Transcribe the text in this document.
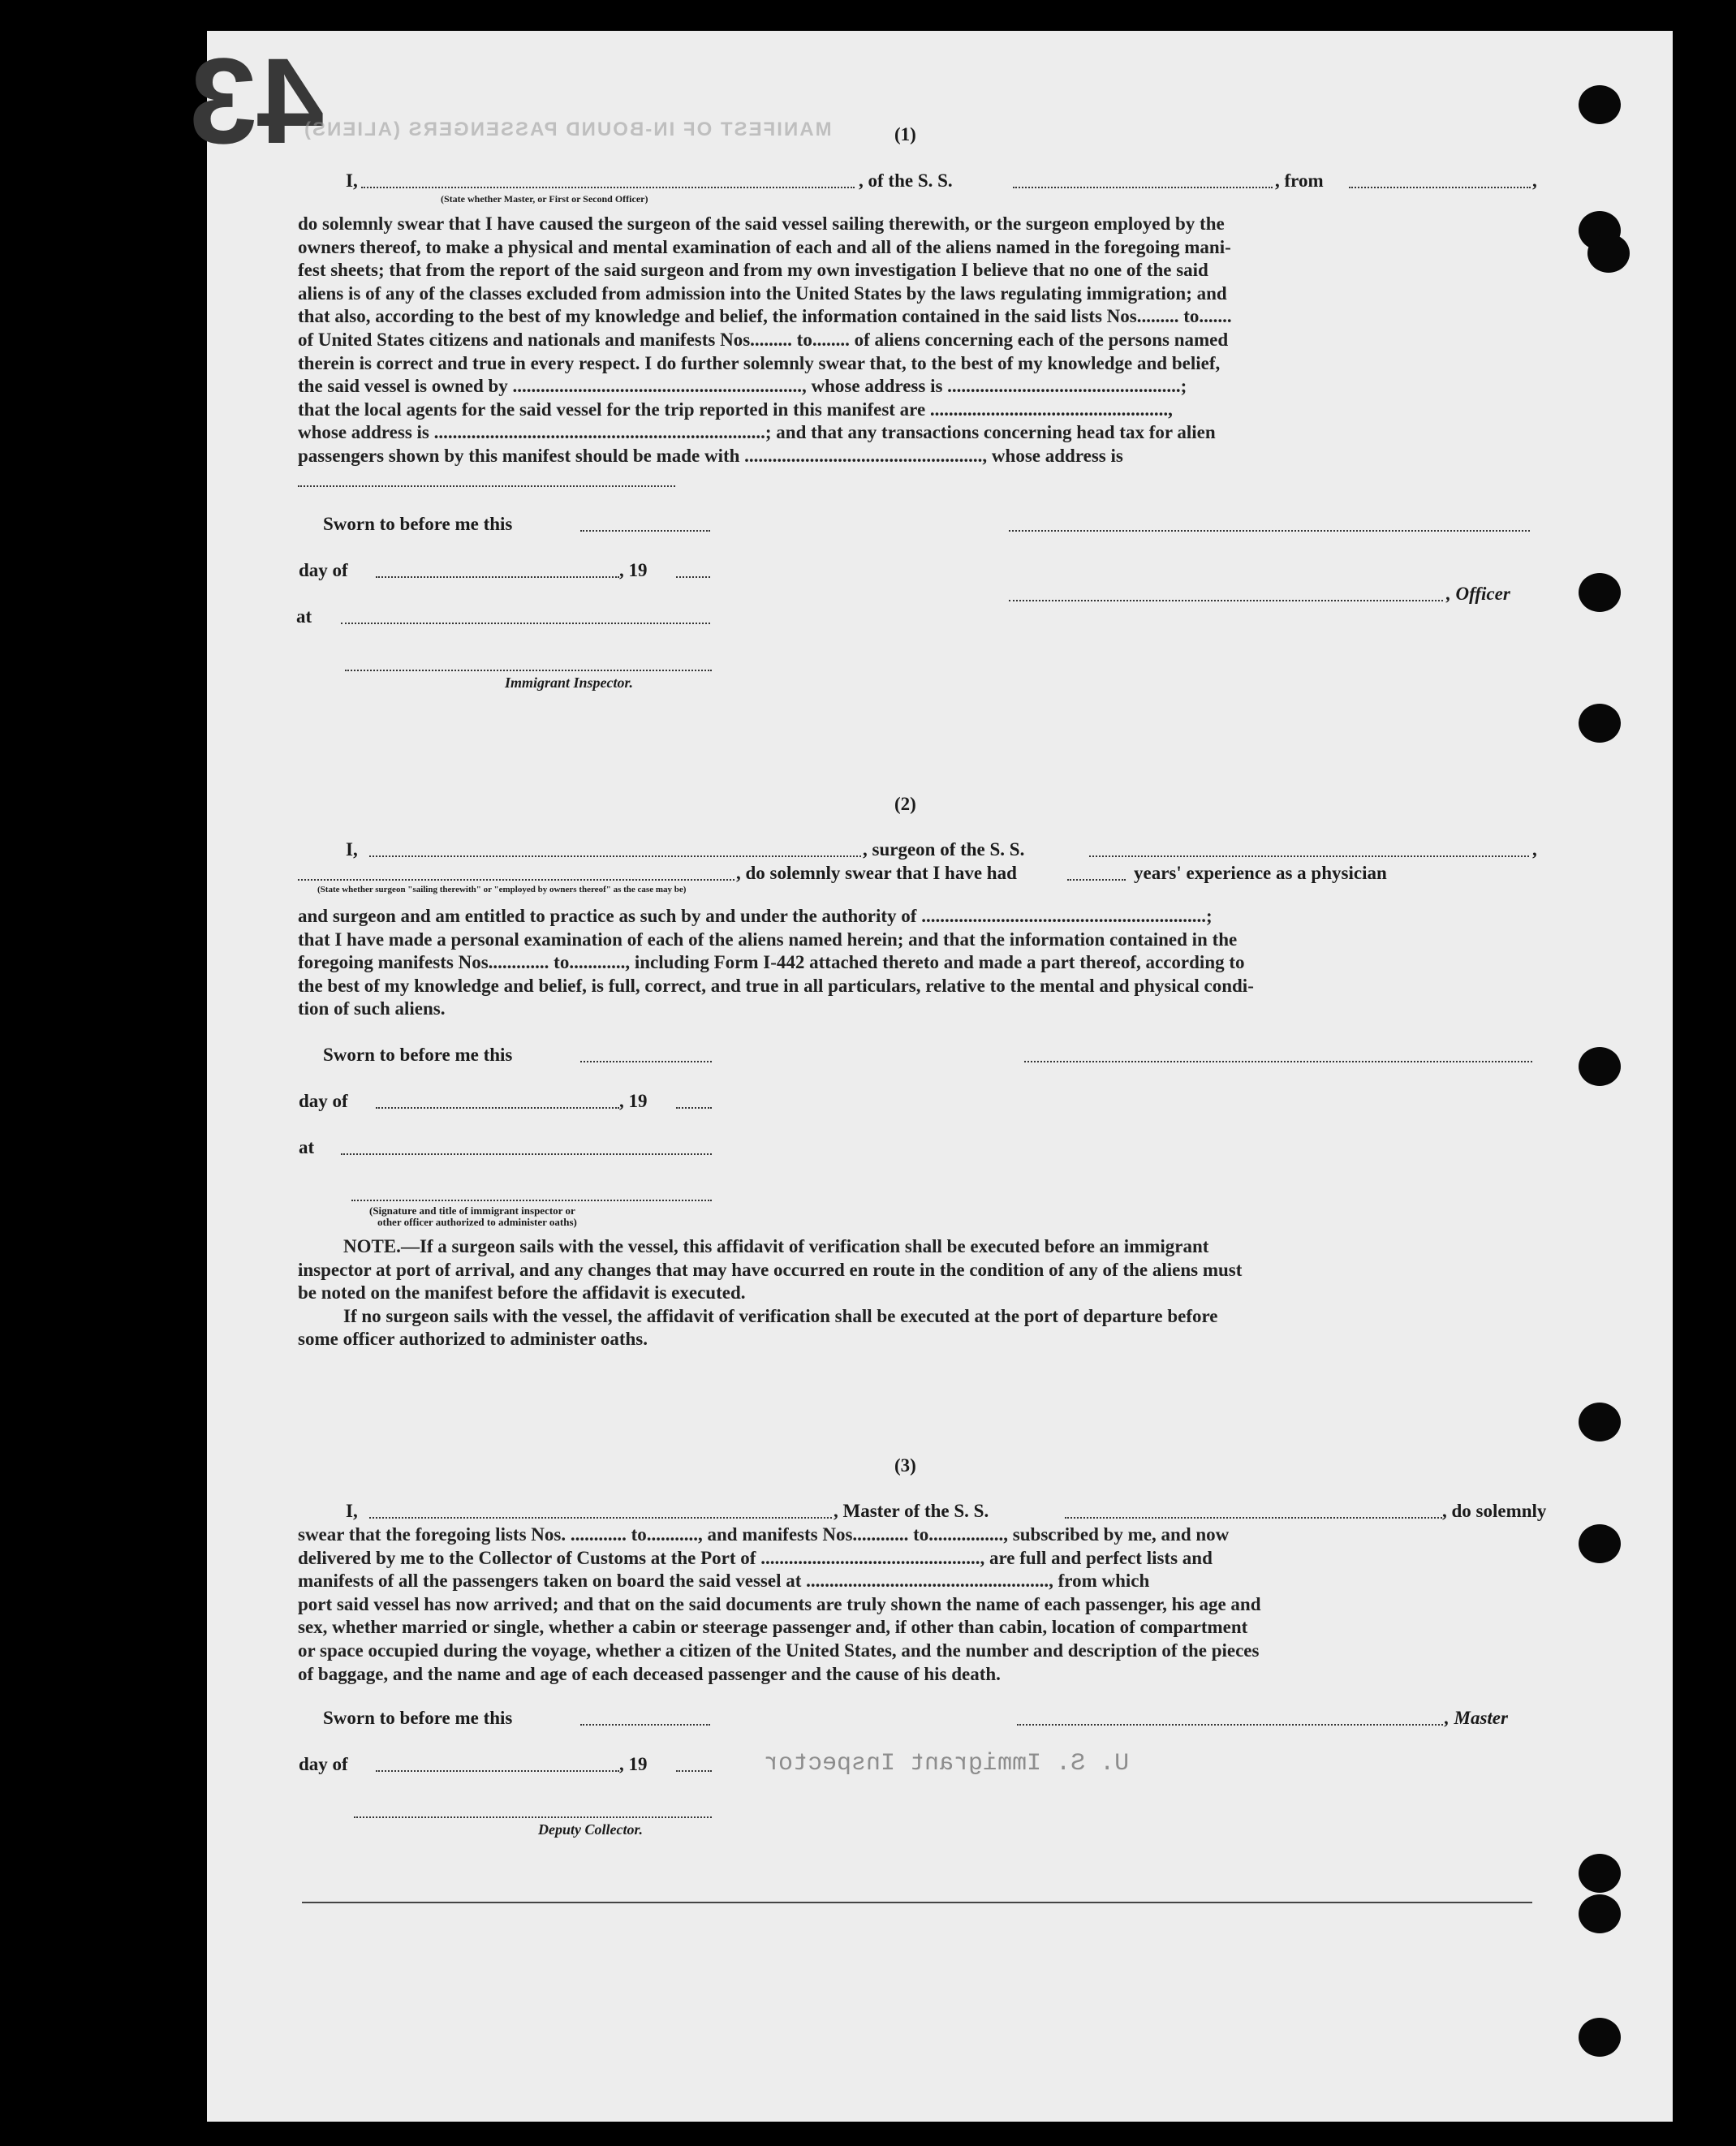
43
MANIFEST OF IN-BOUND PASSENGERS (ALIENS)	(1)
I,	, of the S. S.	, from	,
(State whether Master, or First or Second Officer)
do solemnly swear that I have caused the surgeon of the said vessel sailing therewith, or the surgeon employed by the
owners thereof, to make a physical and mental examination of each and all of the aliens named in the foregoing mani-
fest sheets; that from the report of the said surgeon and from my own investigation I believe that no one of the said
aliens is of any of the classes excluded from admission into the United States by the laws regulating immigration; and
that also, according to the best of my knowledge and belief, the information contained in the said lists Nos......... to.......
of United States citizens and nationals and manifests Nos......... to........ of aliens concerning each of the persons named
therein is correct and true in every respect. I do further solemnly swear that, to the best of my knowledge and belief,
the said vessel is owned by .............................................................., whose address is ..................................................;
that the local agents for the said vessel for the trip reported in this manifest are ...................................................,
whose address is .......................................................................; and that any transactions concerning head tax for alien
passengers shown by this manifest should be made with ..................................................., whose address is
Sworn to before me this
day of	, 19
, Officer
at
Immigrant Inspector.
(2)
I,	, surgeon of the S. S.	,
, do solemnly swear that I have had	years' experience as a physician
(State whether surgeon "sailing therewith" or "employed by owners thereof" as the case may be)
and surgeon and am entitled to practice as such by and under the authority of .............................................................;
that I have made a personal examination of each of the aliens named herein; and that the information contained in the
foregoing manifests Nos............. to............, including Form I-442 attached thereto and made a part thereof, according to
the best of my knowledge and belief, is full, correct, and true in all particulars, relative to the mental and physical condi-
tion of such aliens.
Sworn to before me this
day of	, 19
at
(Signature and title of immigrant inspector or
other officer authorized to administer oaths)
NOTE.—If a surgeon sails with the vessel, this affidavit of verification shall be executed before an immigrant
inspector at port of arrival, and any changes that may have occurred en route in the condition of any of the aliens must
be noted on the manifest before the affidavit is executed.
If no surgeon sails with the vessel, the affidavit of verification shall be executed at the port of departure before
some officer authorized to administer oaths.
(3)
I,	, Master of the S. S.	, do solemnly
swear that the foregoing lists Nos. ............ to..........., and manifests Nos............ to................, subscribed by me, and now
delivered by me to the Collector of Customs at the Port of ..............................................., are full and perfect lists and
manifests of all the passengers taken on board the said vessel at ...................................................., from which
port said vessel has now arrived; and that on the said documents are truly shown the name of each passenger, his age and
sex, whether married or single, whether a cabin or steerage passenger and, if other than cabin, location of compartment
or space occupied during the voyage, whether a citizen of the United States, and the number and description of the pieces
of baggage, and the name and age of each deceased passenger and the cause of his death.
Sworn to before me this	, Master
day of	, 19	U. S. Immigrant Inspector
Deputy Collector.
